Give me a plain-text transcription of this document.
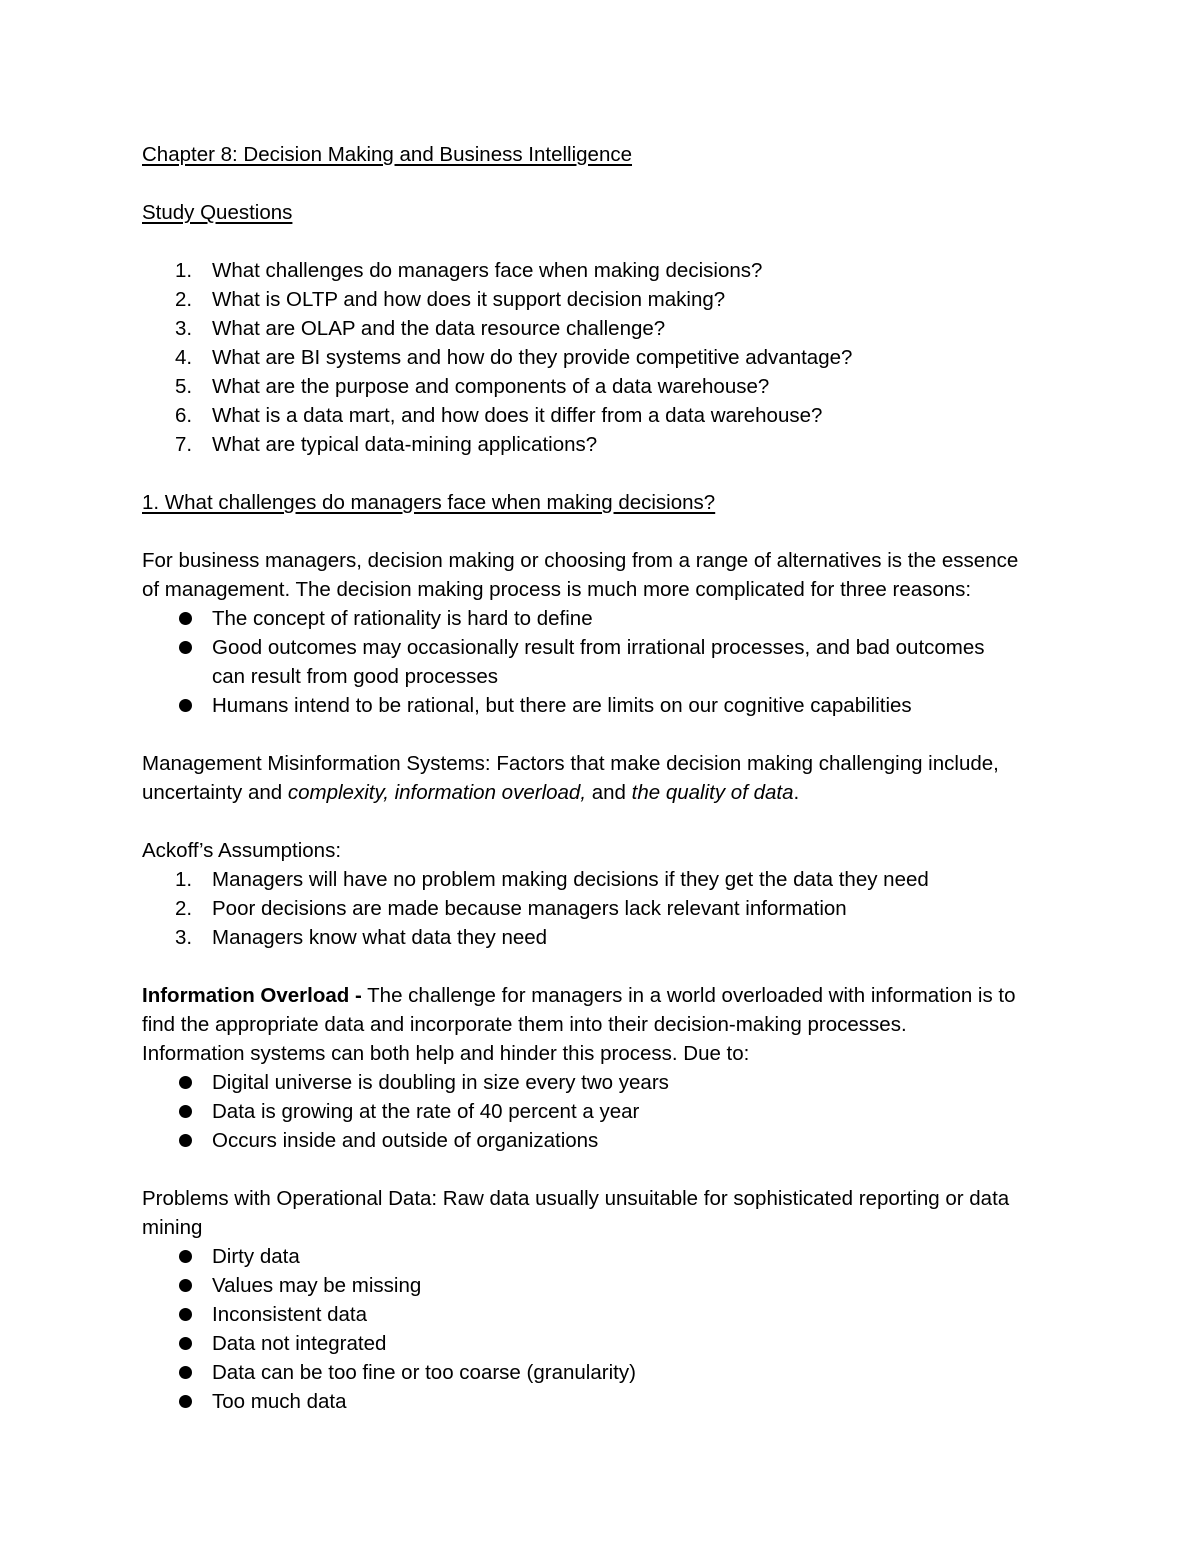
Chapter 8: Decision Making and Business Intelligence

Study Questions

1. What challenges do managers face when making decisions?
2. What is OLTP and how does it support decision making?
3. What are OLAP and the data resource challenge?
4. What are BI systems and how do they provide competitive advantage?
5. What are the purpose and components of a data warehouse?
6. What is a data mart, and how does it differ from a data warehouse?
7. What are typical data-mining applications?

1. What challenges do managers face when making decisions?

For business managers, decision making or choosing from a range of alternatives is the essence

of management. The decision making process is much more complicated for three reasons:

The concept of rationality is hard to define
Good outcomes may occasionally result from irrational processes, and bad outcomes can result from good processes
Humans intend to be rational, but there are limits on our cognitive capabilities

Management Misinformation Systems: Factors that make decision making challenging include,

uncertainty and complexity, information overload, and the quality of data.

Ackoff’s Assumptions:

1. Managers will have no problem making decisions if they get the data they need
2. Poor decisions are made because managers lack relevant information
3. Managers know what data they need

Information Overload - The challenge for managers in a world overloaded with information is to

find the appropriate data and incorporate them into their decision-making processes.

Information systems can both help and hinder this process. Due to:

Digital universe is doubling in size every two years
Data is growing at the rate of 40 percent a year
Occurs inside and outside of organizations

Problems with Operational Data: Raw data usually unsuitable for sophisticated reporting or data

mining

Dirty data
Values may be missing
Inconsistent data
Data not integrated
Data can be too fine or too coarse (granularity)
Too much data
